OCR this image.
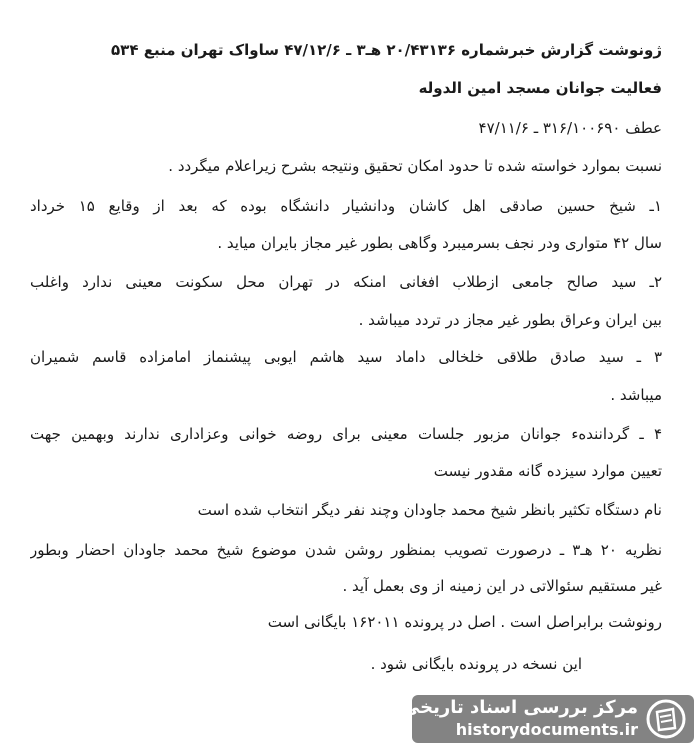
ژونوشت گزارش خبرشماره ۲۰/۴۳۱۳۶ هـ۳ ـ ۴۷/۱۲/۶ ساواک تهران منبع ۵۳۴
فعالیت جوانان مسجد امین الدوله
عطف ۳۱۶/۱۰۰۶۹۰ ـ ۴۷/۱۱/۶
نسبت بموارد خواسته شده تا حدود امکان تحقیق ونتیجه بشرح زیراعلام میگردد .
۱ـ شیخ حسین صادقی اهل کاشان ودانشیار دانشگاه بوده که بعد از وقایع ۱۵ خرداد
سال ۴۲ متواری ودر نجف بسرمیبرد وگاهی بطور غیر مجاز بایران میاید .
۲ـ سید صالح جامعی ازطلاب افغانی امنکه در تهران محل سکونت معینی ندارد واغلب
بین ایران وعراق بطور غیر مجاز در تردد میباشد .
۳ ـ سید صادق طلاقی خلخالی داماد سید هاشم ایوبی پیشنماز امامزاده قاسم شمیران
میباشد .
۴ ـ گردانندهء جوانان مزبور جلسات معینی برای روضه خوانی وعزاداری ندارند وبهمین جهت
تعیین موارد سیزده گانه مقدور نیست
نام دستگاه تکثیر بانظر شیخ محمد جاودان وچند نفر دیگر انتخاب شده است
نظریه ۲۰ هـ۳ ـ درصورت تصویب بمنظور روشن شدن موضوع شیخ محمد جاودان احضار وبطور
غیر مستقیم سئوالاتی در این زمینه از وی بعمل آید .
رونوشت برابراصل است . اصل در پرونده ۱۶۲۰۱۱ بایگانی است
این نسخه در پرونده بایگانی شود .
مرکز بررسی اسناد تاریخی
historydocuments.ir
